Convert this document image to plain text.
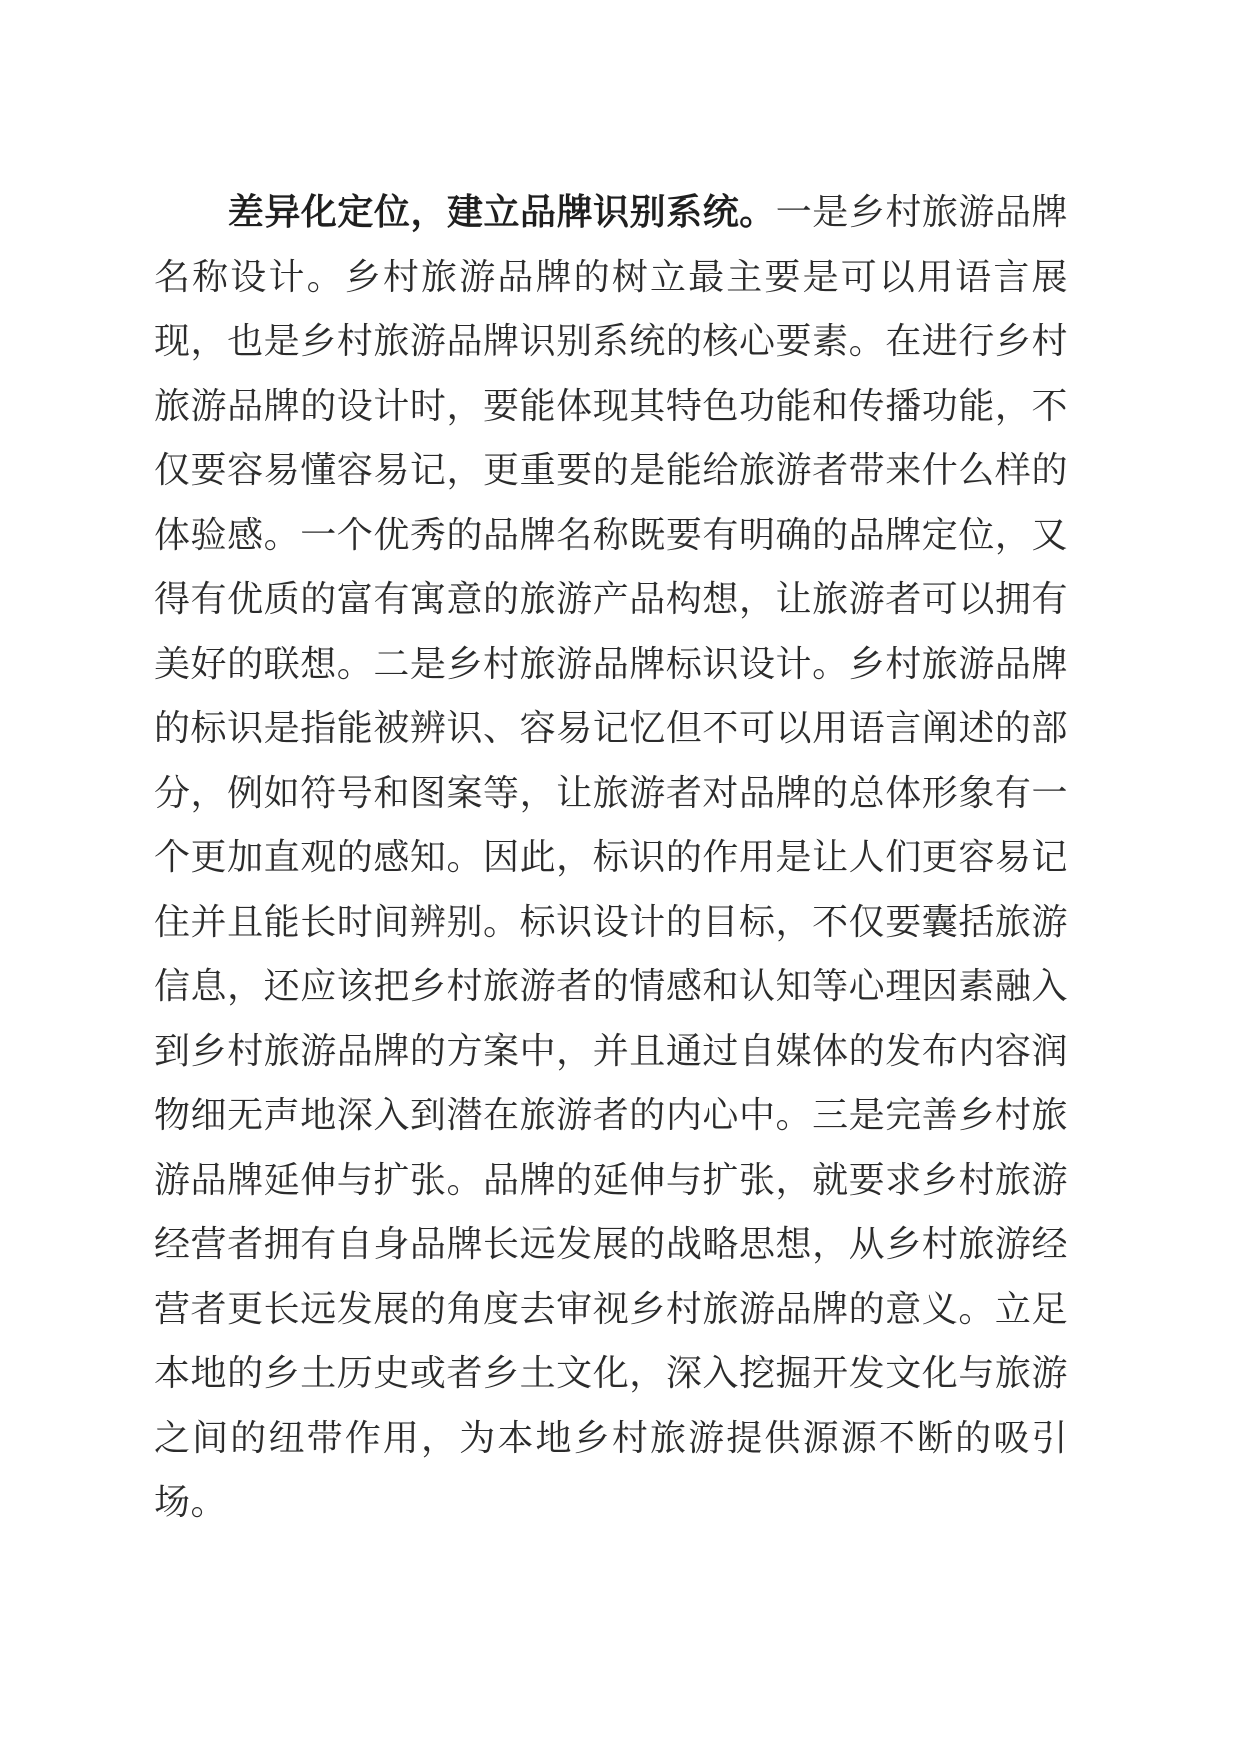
差异化定位，建立品牌识别系统。一是乡村旅游品牌名称设计。乡村旅游品牌的树立最主要是可以用语言展现，也是乡村旅游品牌识别系统的核心要素。在进行乡村旅游品牌的设计时，要能体现其特色功能和传播功能，不仅要容易懂容易记，更重要的是能给旅游者带来什么样的体验感。一个优秀的品牌名称既要有明确的品牌定位，又得有优质的富有寓意的旅游产品构想，让旅游者可以拥有美好的联想。二是乡村旅游品牌标识设计。乡村旅游品牌的标识是指能被辨识、容易记忆但不可以用语言阐述的部分，例如符号和图案等，让旅游者对品牌的总体形象有一个更加直观的感知。因此，标识的作用是让人们更容易记住并且能长时间辨别。标识设计的目标，不仅要囊括旅游信息，还应该把乡村旅游者的情感和认知等心理因素融入到乡村旅游品牌的方案中，并且通过自媒体的发布内容润物细无声地深入到潜在旅游者的内心中。三是完善乡村旅游品牌延伸与扩张。品牌的延伸与扩张，就要求乡村旅游经营者拥有自身品牌长远发展的战略思想，从乡村旅游经营者更长远发展的角度去审视乡村旅游品牌的意义。立足本地的乡土历史或者乡土文化，深入挖掘开发文化与旅游之间的纽带作用，为本地乡村旅游提供源源不断的吸引场。
